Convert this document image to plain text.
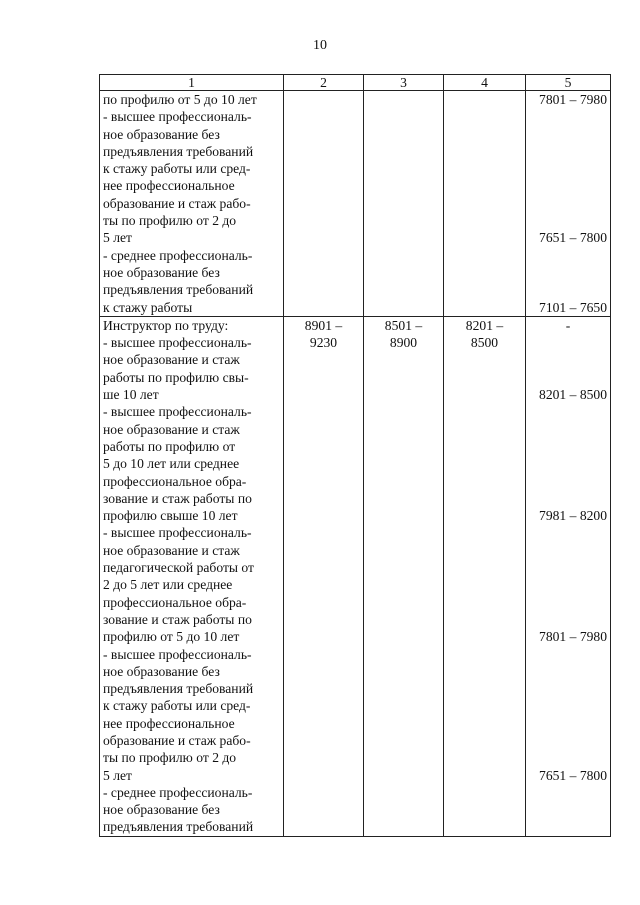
10
1	2	3	4	5
по профилю от 5 до 10 лет				7801 – 7980
- высшее профессиональ-				
ное образование без				
предъявления требований				
к стажу работы или сред-				
нее профессиональное				
образование и стаж рабо-				
ты по профилю от 2 до				
5 лет				7651 – 7800
- среднее профессиональ-				
ное образование без				
предъявления требований				
к стажу работы				7101 – 7650
Инструктор по труду:	8901 –	8501 –	8201 –	-
- высшее профессиональ-	9230	8900	8500	
ное образование и стаж				
работы по профилю свы-				
ше 10 лет				8201 – 8500
- высшее профессиональ-				
ное образование и стаж				
работы по профилю от				
5 до 10 лет или среднее				
профессиональное обра-				
зование и стаж работы по				
профилю свыше 10 лет				7981 – 8200
- высшее профессиональ-				
ное образование и стаж				
педагогической работы от				
2 до 5 лет или среднее				
профессиональное обра-				
зование и стаж работы по				
профилю от 5 до 10 лет				7801 – 7980
- высшее профессиональ-				
ное образование без				
предъявления требований				
к стажу работы или сред-				
нее профессиональное				
образование и стаж рабо-				
ты по профилю от 2 до				
5 лет				7651 – 7800
- среднее профессиональ-				
ное образование без				
предъявления требований				
